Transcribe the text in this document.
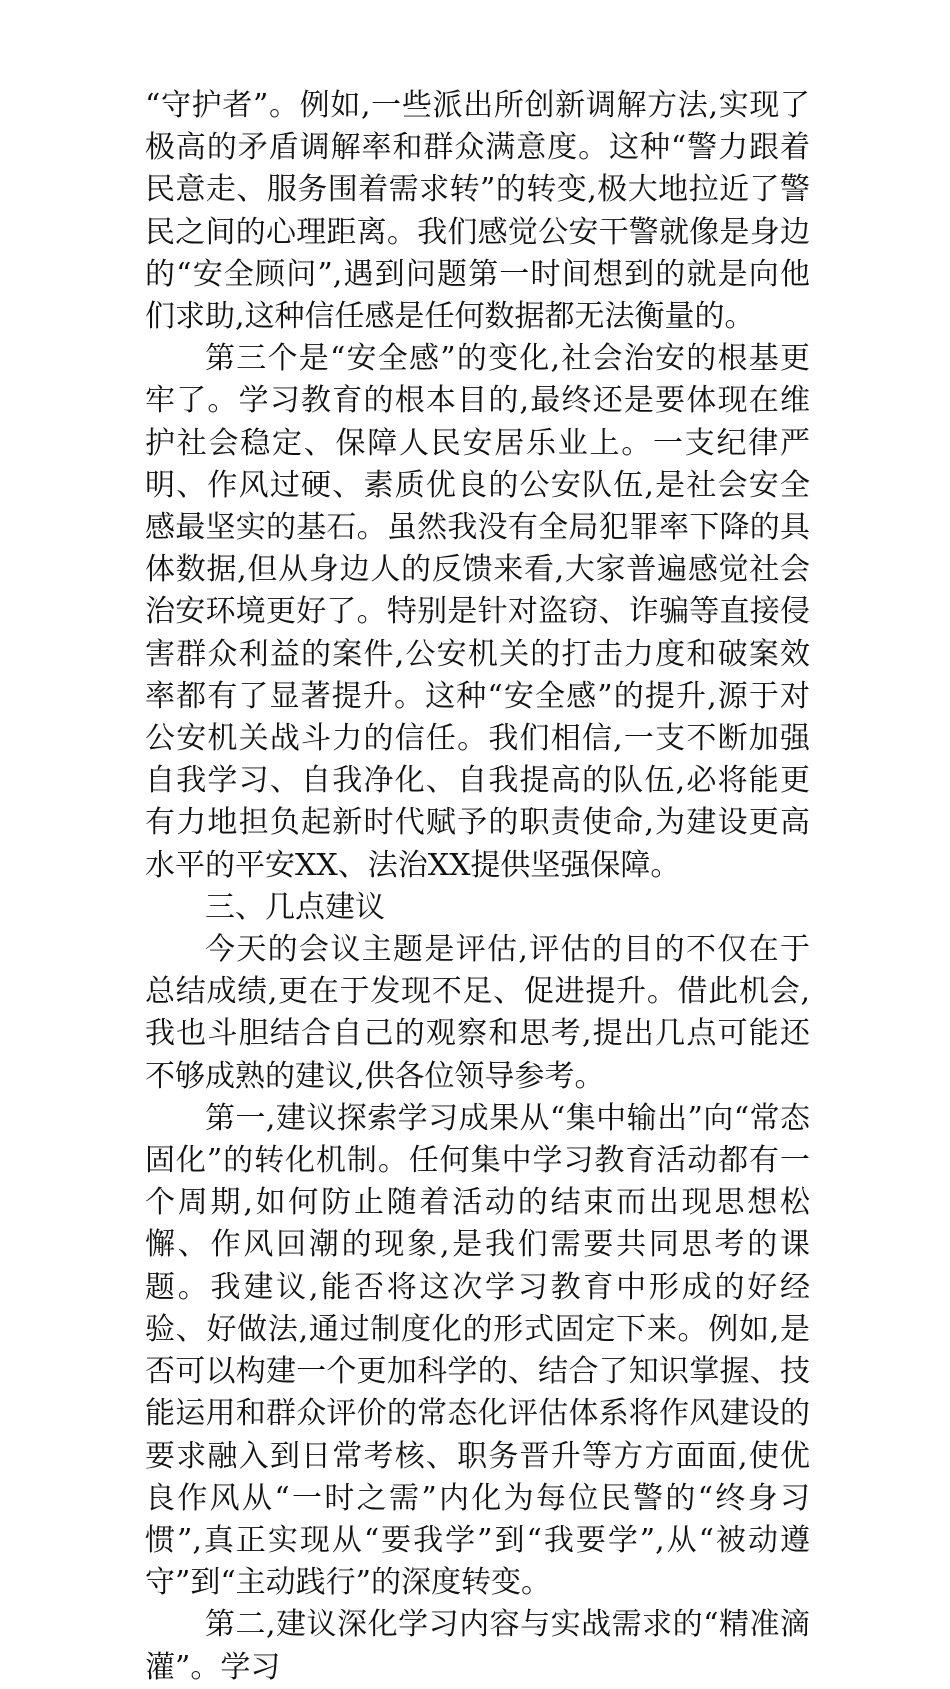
“守护者”。例如,一些派出所创新调解方法,实现了极高的矛盾调解率和群众满意度。这种“警力跟着民意走、服务围着需求转”的转变,极大地拉近了警民之间的心理距离。我们感觉公安干警就像是身边的“安全顾问”,遇到问题第一时间想到的就是向他们求助,这种信任感是任何数据都无法衡量的。

第三个是“安全感”的变化,社会治安的根基更牢了。学习教育的根本目的,最终还是要体现在维护社会稳定、保障人民安居乐业上。一支纪律严明、作风过硬、素质优良的公安队伍,是社会安全感最坚实的基石。虽然我没有全局犯罪率下降的具体数据,但从身边人的反馈来看,大家普遍感觉社会治安环境更好了。特别是针对盗窃、诈骗等直接侵害群众利益的案件,公安机关的打击力度和破案效率都有了显著提升。这种“安全感”的提升,源于对公安机关战斗力的信任。我们相信,一支不断加强自我学习、自我净化、自我提高的队伍,必将能更有力地担负起新时代赋予的职责使命,为建设更高水平的平安XX、法治XX提供坚强保障。

三、几点建议

今天的会议主题是评估,评估的目的不仅在于总结成绩,更在于发现不足、促进提升。借此机会,我也斗胆结合自己的观察和思考,提出几点可能还不够成熟的建议,供各位领导参考。

第一,建议探索学习成果从“集中输出”向“常态固化”的转化机制。任何集中学习教育活动都有一个周期,如何防止随着活动的结束而出现思想松懈、作风回潮的现象,是我们需要共同思考的课题。我建议,能否将这次学习教育中形成的好经验、好做法,通过制度化的形式固定下来。例如,是否可以构建一个更加科学的、结合了知识掌握、技能运用和群众评价的常态化评估体系将作风建设的要求融入到日常考核、职务晋升等方方面面,使优良作风从“一时之需”内化为每位民警的“终身习惯”,真正实现从“要我学”到“我要学”,从“被动遵守”到“主动践行”的深度转变。

第二,建议深化学习内容与实战需求的“精准滴灌”。学习
